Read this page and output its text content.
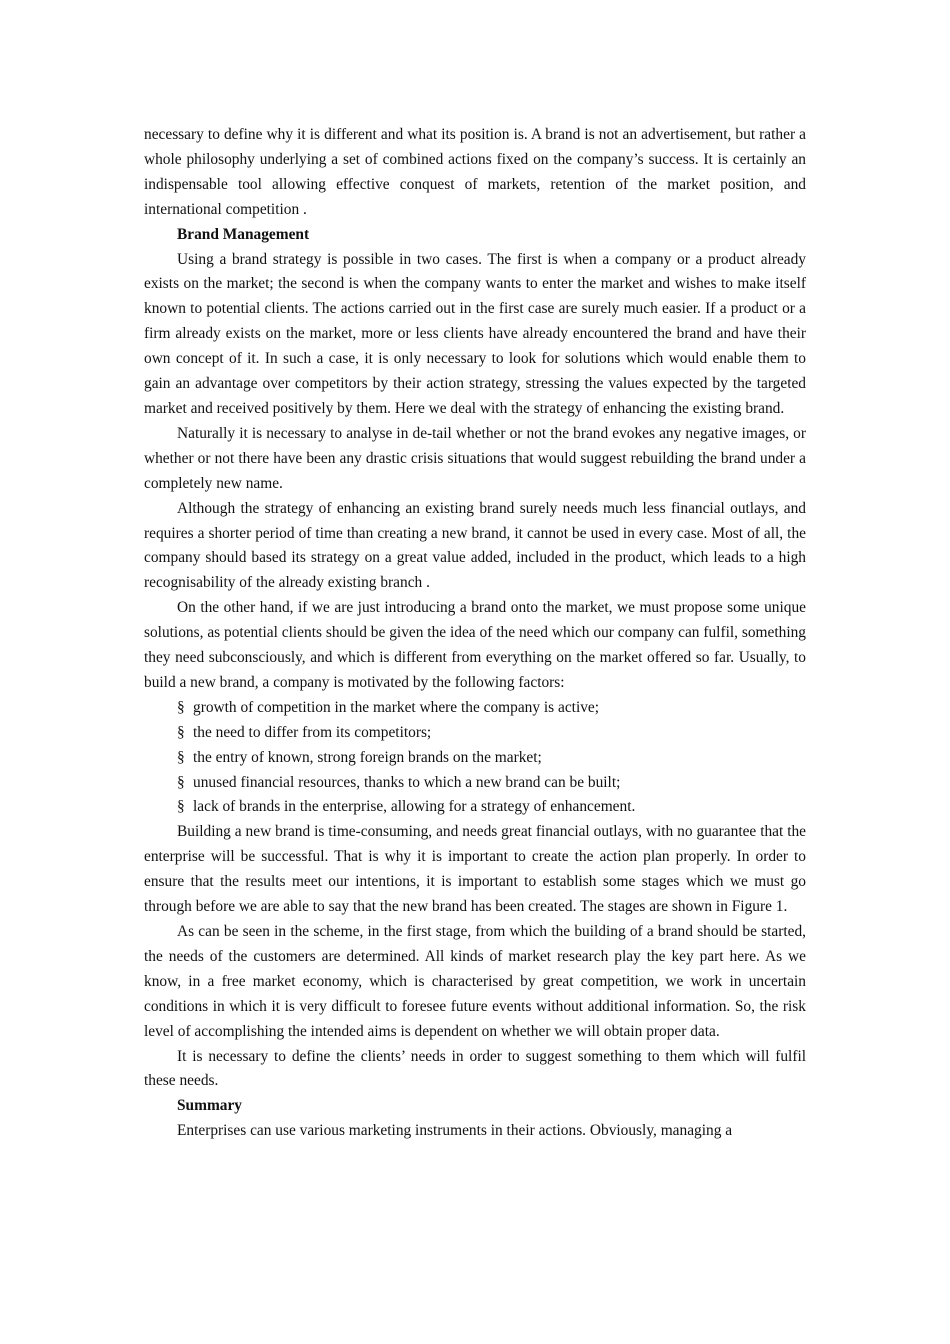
necessary to define why it is different and what its position is. A brand is not an advertisement, but rather a whole philosophy underlying a set of combined actions fixed on the company’s success. It is certainly an indispensable tool allowing effective conquest of markets, retention of the market position, and international competition .

Brand Management

Using a brand strategy is possible in two cases. The first is when a company or a product already exists on the market; the second is when the company wants to enter the market and wishes to make itself known to potential clients. The actions carried out in the first case are surely much easier. If a product or a firm already exists on the market, more or less clients have already encountered the brand and have their own concept of it. In such a case, it is only necessary to look for solutions which would enable them to gain an advantage over competitors by their action strategy, stressing the values expected by the targeted market and received positively by them. Here we deal with the strategy of enhancing the existing brand.

Naturally it is necessary to analyse in de-tail whether or not the brand evokes any negative images, or whether or not there have been any drastic crisis situations that would suggest rebuilding the brand under a completely new name.

Although the strategy of enhancing an existing brand surely needs much less financial outlays, and requires a shorter period of time than creating a new brand, it cannot be used in every case. Most of all, the company should based its strategy on a great value added, included in the product, which leads to a high recognisability of the already existing branch .

On the other hand, if we are just introducing a brand onto the market, we must propose some unique solutions, as potential clients should be given the idea of the need which our company can fulfil, something they need subconsciously, and which is different from everything on the market offered so far. Usually, to build a new brand, a company is motivated by the following factors:

§ growth of competition in the market where the company is active;
§ the need to differ from its competitors;
§ the entry of known, strong foreign brands on the market;
§ unused financial resources, thanks to which a new brand can be built;
§ lack of brands in the enterprise, allowing for a strategy of enhancement.

Building a new brand is time-consuming, and needs great financial outlays, with no guarantee that the enterprise will be successful. That is why it is important to create the action plan properly. In order to ensure that the results meet our intentions, it is important to establish some stages which we must go through before we are able to say that the new brand has been created. The stages are shown in Figure 1.

As can be seen in the scheme, in the first stage, from which the building of a brand should be started, the needs of the customers are determined. All kinds of market research play the key part here. As we know, in a free market economy, which is characterised by great competition, we work in uncertain conditions in which it is very difficult to foresee future events without additional information. So, the risk level of accomplishing the intended aims is dependent on whether we will obtain proper data.

It is necessary to define the clients’ needs in order to suggest something to them which will fulfil these needs.

Summary

Enterprises can use various marketing instruments in their actions. Obviously, managing a
